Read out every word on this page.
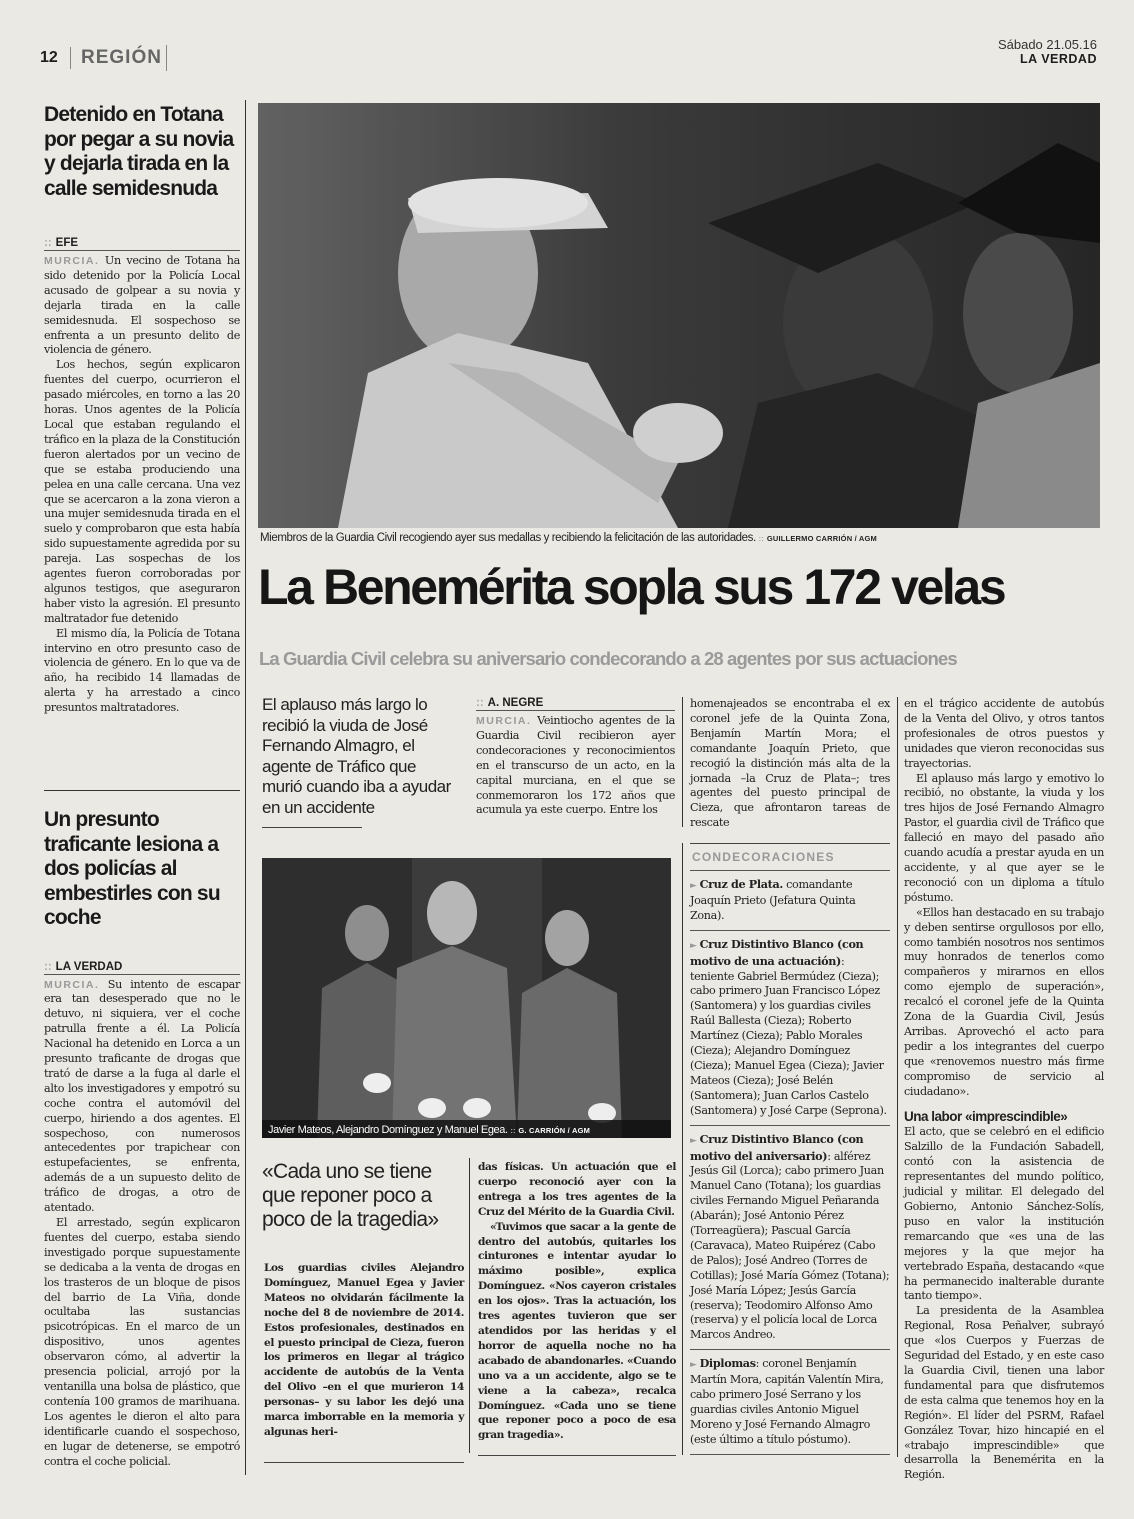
12 REGIÓN
Sábado 21.05.16
LA VERDAD
Detenido en Totana por pegar a su novia y dejarla tirada en la calle semidesnuda
:: EFE

MURCIA. Un vecino de Totana ha sido detenido por la Policía Local acusado de golpear a su novia y dejarla tirada en la calle semidesnuda. El sospechoso se enfrenta a un presunto delito de violencia de género.

Los hechos, según explicaron fuentes del cuerpo, ocurrieron el pasado miércoles, en torno a las 20 horas. Unos agentes de la Policía Local que estaban regulando el tráfico en la plaza de la Constitución fueron alertados por un vecino de que se estaba produciendo una pelea en una calle cercana. Una vez que se acercaron a la zona vieron a una mujer semidesnuda tirada en el suelo y comprobaron que esta había sido supuestamente agredida por su pareja. Las sospechas de los agentes fueron corroboradas por algunos testigos, que aseguraron haber visto la agresión. El presunto maltratador fue detenido

El mismo día, la Policía de Totana intervino en otro presunto caso de violencia de género. En lo que va de año, ha recibido 14 llamadas de alerta y ha arrestado a cinco presuntos maltratadores.

Un presunto traficante lesiona a dos policías al embestirles con su coche
:: LA VERDAD

MURCIA. Su intento de escapar era tan desesperado que no le detuvo, ni siquiera, ver el coche patrulla frente a él. La Policía Nacional ha detenido en Lorca a un presunto traficante de drogas que trató de darse a la fuga al darle el alto los investigadores y empotró su coche contra el automóvil del cuerpo, hiriendo a dos agentes. El sospechoso, con numerosos antecedentes por trapichear con estupefacientes, se enfrenta, además de a un supuesto delito de tráfico de drogas, a otro de atentado.

El arrestado, según explicaron fuentes del cuerpo, estaba siendo investigado porque supuestamente se dedicaba a la venta de drogas en los trasteros de un bloque de pisos del barrio de La Viña, donde ocultaba las sustancias psicotrópicas. En el marco de un dispositivo, unos agentes observaron cómo, al advertir la presencia policial, arrojó por la ventanilla una bolsa de plástico, que contenía 100 gramos de marihuana. Los agentes le dieron el alto para identificarle cuando el sospechoso, en lugar de detenerse, se empotró contra el coche policial.

Miembros de la Guardia Civil recogiendo ayer sus medallas y recibiendo la felicitación de las autoridades. :: GUILLERMO CARRIÓN / AGM
La Benemérita sopla sus 172 velas
La Guardia Civil celebra su aniversario condecorando a 28 agentes por sus actuaciones
El aplauso más largo lo recibió la viuda de José Fernando Almagro, el agente de Tráfico que murió cuando iba a ayudar en un accidente
:: A. NEGRE

MURCIA. Veintiocho agentes de la Guardia Civil recibieron ayer condecoraciones y reconocimientos en el transcurso de un acto, en la capital murciana, en el que se conmemoraron los 172 años que acumula ya este cuerpo. Entre los

homenajeados se encontraba el ex coronel jefe de la Quinta Zona, Benjamín Martín Mora; el comandante Joaquín Prieto, que recogió la distinción más alta de la jornada –la Cruz de Plata–; tres agentes del puesto principal de Cieza, que afrontaron tareas de rescate

en el trágico accidente de autobús de la Venta del Olivo, y otros tantos profesionales de otros puestos y unidades que vieron reconocidas sus trayectorias.

El aplauso más largo y emotivo lo recibió, no obstante, la viuda y los tres hijos de José Fernando Almagro Pastor, el guardia civil de Tráfico que falleció en mayo del pasado año cuando acudía a prestar ayuda en un accidente, y al que ayer se le reconoció con un diploma a título póstumo.

«Ellos han destacado en su trabajo y deben sentirse orgullosos por ello, como también nosotros nos sentimos muy honrados de tenerlos como compañeros y mirarnos en ellos como ejemplo de superación», recalcó el coronel jefe de la Quinta Zona de la Guardia Civil, Jesús Arribas. Aprovechó el acto para pedir a los integrantes del cuerpo que «renovemos nuestro más firme compromiso de servicio al ciudadano».

Una labor «imprescindible»

El acto, que se celebró en el edificio Salzillo de la Fundación Sabadell, contó con la asistencia de representantes del mundo político, judicial y militar. El delegado del Gobierno, Antonio Sánchez-Solís, puso en valor la institución remarcando que «es una de las mejores y la que mejor ha vertebrado España, destacando «que ha permanecido inalterable durante tanto tiempo».

La presidenta de la Asamblea Regional, Rosa Peñalver, subrayó que «los Cuerpos y Fuerzas de Seguridad del Estado, y en este caso la Guardia Civil, tienen una labor fundamental para que disfrutemos de esta calma que tenemos hoy en la Región». El líder del PSRM, Rafael González Tovar, hizo hincapié en el «trabajo imprescindible» que desarrolla la Benemérita en la Región.

CONDECORACIONES
► Cruz de Plata. comandante Joaquín Prieto (Jefatura Quinta Zona).
► Cruz Distintivo Blanco (con motivo de una actuación): teniente Gabriel Bermúdez (Cieza); cabo primero Juan Francisco López (Santomera) y los guardias civiles Raúl Ballesta (Cieza); Roberto Martínez (Cieza); Pablo Morales (Cieza); Alejandro Domínguez (Cieza); Manuel Egea (Cieza); Javier Mateos (Cieza); José Belén (Santomera); Juan Carlos Castelo (Santomera) y José Carpe (Seprona).
► Cruz Distintivo Blanco (con motivo del aniversario): alférez Jesús Gil (Lorca); cabo primero Juan Manuel Cano (Totana); los guardias civiles Fernando Miguel Peñaranda (Abarán); José Antonio Pérez (Torreagüera); Pascual García (Caravaca), Mateo Ruipérez (Cabo de Palos); José Andreo (Torres de Cotillas); José María Gómez (Totana); José María López; Jesús García (reserva); Teodomiro Alfonso Amo (reserva) y el policía local de Lorca Marcos Andreo.
► Diplomas: coronel Benjamín Martín Mora, capitán Valentín Mira, cabo primero José Serrano y los guardias civiles Antonio Miguel Moreno y José Fernando Almagro (este último a título póstumo).
Javier Mateos, Alejandro Domínguez y Manuel Egea. :: G. CARRIÓN / AGM
«Cada uno se tiene que reponer poco a poco de la tragedia»

Los guardias civiles Alejandro Domínguez, Manuel Egea y Javier Mateos no olvidarán fácilmente la noche del 8 de noviembre de 2014. Estos profesionales, destinados en el puesto principal de Cieza, fueron los primeros en llegar al trágico accidente de autobús de la Venta del Olivo –en el que murieron 14 personas– y su labor les dejó una marca imborrable en la memoria y algunas heri-

das físicas. Un actuación que el cuerpo reconoció ayer con la entrega a los tres agentes de la Cruz del Mérito de la Guardia Civil.

«Tuvimos que sacar a la gente de dentro del autobús, quitarles los cinturones e intentar ayudar lo máximo posible», explica Domínguez. «Nos cayeron cristales en los ojos». Tras la actuación, los tres agentes tuvieron que ser atendidos por las heridas y el horror de aquella noche no ha acabado de abandonarles. «Cuando uno va a un accidente, algo se te viene a la cabeza», recalca Domínguez. «Cada uno se tiene que reponer poco a poco de esa gran tragedia».
